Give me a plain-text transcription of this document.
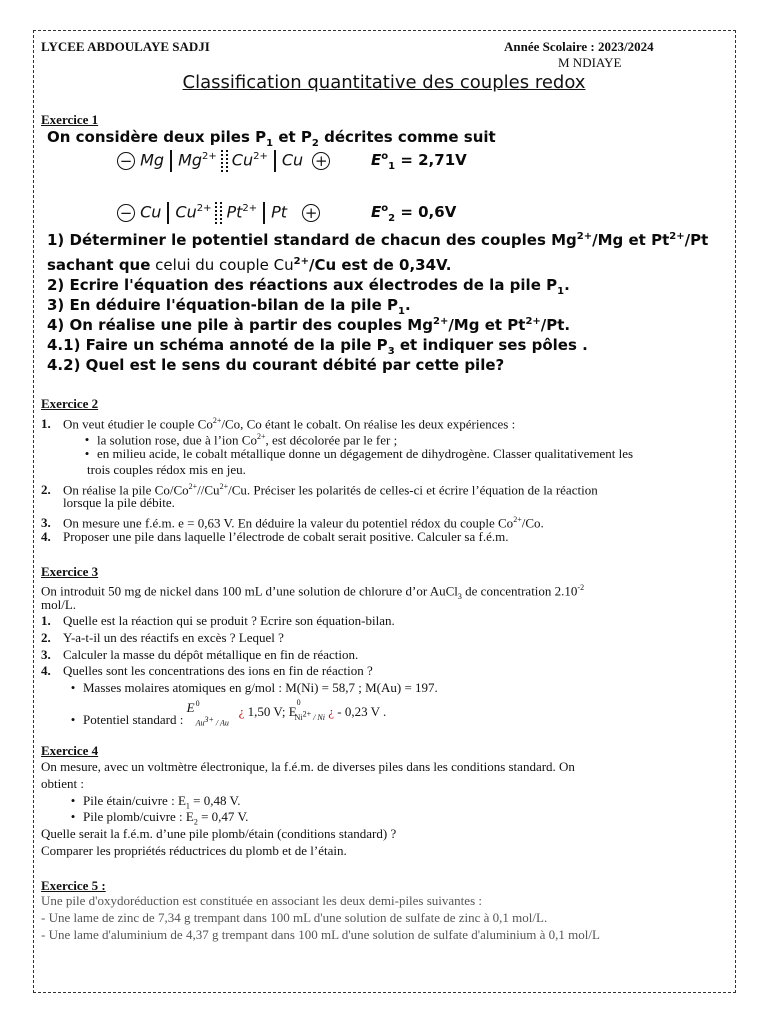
LYCEE ABDOULAYE SADJI	Année Scolaire : 2023/2024
M NDIAYE
Classification quantitative des couples redox
Exercice 1
On considère deux piles $P_1$ et $P_2$ décrites comme suit
− Mg $Mg^{2+}$ $Cu^{2+}$ Cu +	$E^o_1 = 2,71V$
− Cu $Cu^{2+}$ $Pt^{2+}$ Pt +	$E^o_2 = 0,6V$
1) Déterminer le potentiel standard de chacun des couples $Mg^{2+}/Mg$ et $Pt^{2+}/Pt$
sachant que celui du couple $Cu^{2+}/Cu$ est de 0,34V.
2) Ecrire l'équation des réactions aux électrodes de la pile $P_1$.
3) En déduire l'équation-bilan de la pile $P_1$.
4) On réalise une pile à partir des couples $Mg^{2+}/Mg$ et $Pt^{2+}/Pt$.
4.1) Faire un schéma annoté de la pile $P_3$ et indiquer ses pôles .
4.2) Quel est le sens du courant débité par cette pile?
Exercice 2
1. On veut étudier le couple $Co^{2+}/Co$, Co étant le cobalt. On réalise les deux expériences :
• la solution rose, due à l’ion $Co^{2+}$, est décolorée par le fer ;
• en milieu acide, le cobalt métallique donne un dégagement de dihydrogène. Classer qualitativement les
trois couples rédox mis en jeu.
2. On réalise la pile $Co/Co^{2+}//Cu^{2+}/Cu$. Préciser les polarités de celles-ci et écrire l’équation de la réaction
lorsque la pile débite.
3. On mesure une f.é.m. e = 0,63 V. En déduire la valeur du potentiel rédox du couple $Co^{2+}/Co$.
4. Proposer une pile dans laquelle l’électrode de cobalt serait positive. Calculer sa f.é.m.
Exercice 3
On introduit 50 mg de nickel dans 100 mL d’une solution de chlorure d’or AuCl$_3$ de concentration $2.10^{-2}$
mol/L.
1. Quelle est la réaction qui se produit ? Ecrire son équation-bilan.
2. Y-a-t-il un des réactifs en excès ? Lequel ?
3. Calculer la masse du dépôt métallique en fin de réaction.
4. Quelles sont les concentrations des ions en fin de réaction ?
• Masses molaires atomiques en g/mol : M(Ni) = 58,7 ; M(Au) = 197.
• Potentiel standard :
E 0
$Au^{3+}$ / Au
¿ 1,50 V; $E^0_{Ni^{2+} / Ni}$ ¿ - 0,23 V .
Exercice 4
On mesure, avec un voltmètre électronique, la f.é.m. de diverses piles dans les conditions standard. On
obtient :
• Pile étain/cuivre : $E_1 = 0,48$ V.
• Pile plomb/cuivre : $E_2 = 0,47$ V.
Quelle serait la f.é.m. d’une pile plomb/étain (conditions standard) ?
Comparer les propriétés réductrices du plomb et de l’étain.
Exercice 5 :
Une pile d'oxydoréduction est constituée en associant les deux demi-piles suivantes :
- Une lame de zinc de 7,34 g trempant dans 100 mL d'une solution de sulfate de zinc à 0,1 mol/L.
- Une lame d'aluminium de 4,37 g trempant dans 100 mL d'une solution de sulfate d'aluminium à 0,1 mol/L
